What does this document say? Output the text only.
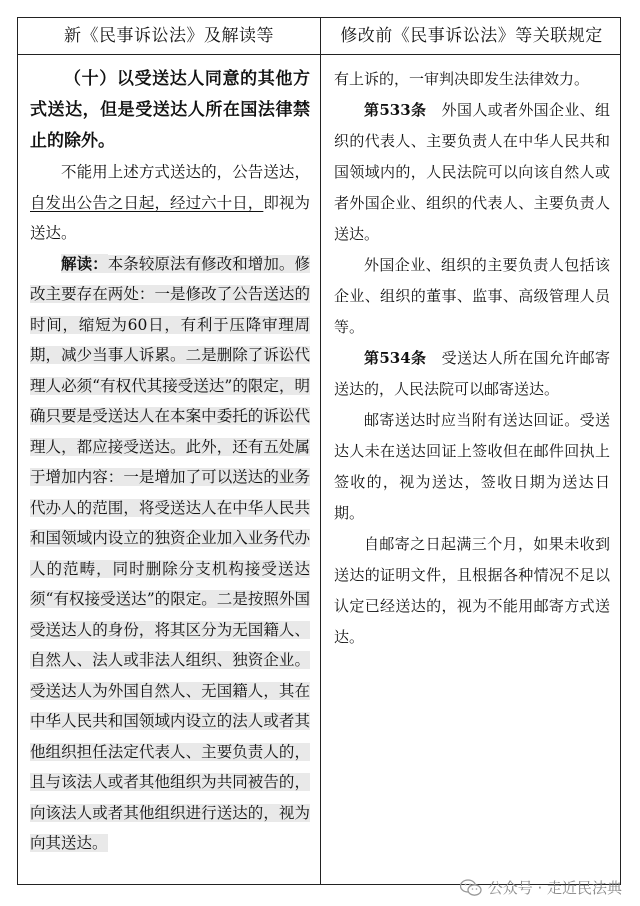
新《民事诉讼法》及解读等	修改前《民事诉讼法》等关联规定

（十）以受送达人同意的其他方式送达，但是受送达人所在国法律禁止的除外。

不能用上述方式送达的，公告送达，自发出公告之日起，经过六十日，即视为送达。

解读：本条较原法有修改和增加。修改主要存在两处：一是修改了公告送达的时间，缩短为60日，有利于压降审理周期，减少当事人诉累。二是删除了诉讼代理人必须“有权代其接受送达”的限定，明确只要是受送达人在本案中委托的诉讼代理人，都应接受送达。此外，还有五处属于增加内容：一是增加了可以送达的业务代办人的范围，将受送达人在中华人民共和国领域内设立的独资企业加入业务代办人的范畴，同时删除分支机构接受送达须“有权接受送达”的限定。二是按照外国受送达人的身份，将其区分为无国籍人、自然人、法人或非法人组织、独资企业。受送达人为外国自然人、无国籍人，其在中华人民共和国领域内设立的法人或者其他组织担任法定代表人、主要负责人的，且与该法人或者其他组织为共同被告的，向该法人或者其他组织进行送达的，视为向其送达。

有上诉的，一审判决即发生法律效力。

第533条　 外国人或者外国企业、组织的代表人、主要负责人在中华人民共和国领域内的，人民法院可以向该自然人或者外国企业、组织的代表人、主要负责人送达。

外国企业、组织的主要负责人包括该企业、组织的董事、监事、高级管理人员等。

第534条　 受送达人所在国允许邮寄送达的，人民法院可以邮寄送达。

邮寄送达时应当附有送达回证。受送达人未在送达回证上签收但在邮件回执上签收的，视为送达，签收日期为送达日期。

自邮寄之日起满三个月，如果未收到送达的证明文件，且根据各种情况不足以认定已经送达的，视为不能用邮寄方式送达。

公众号 · 走近民法典
